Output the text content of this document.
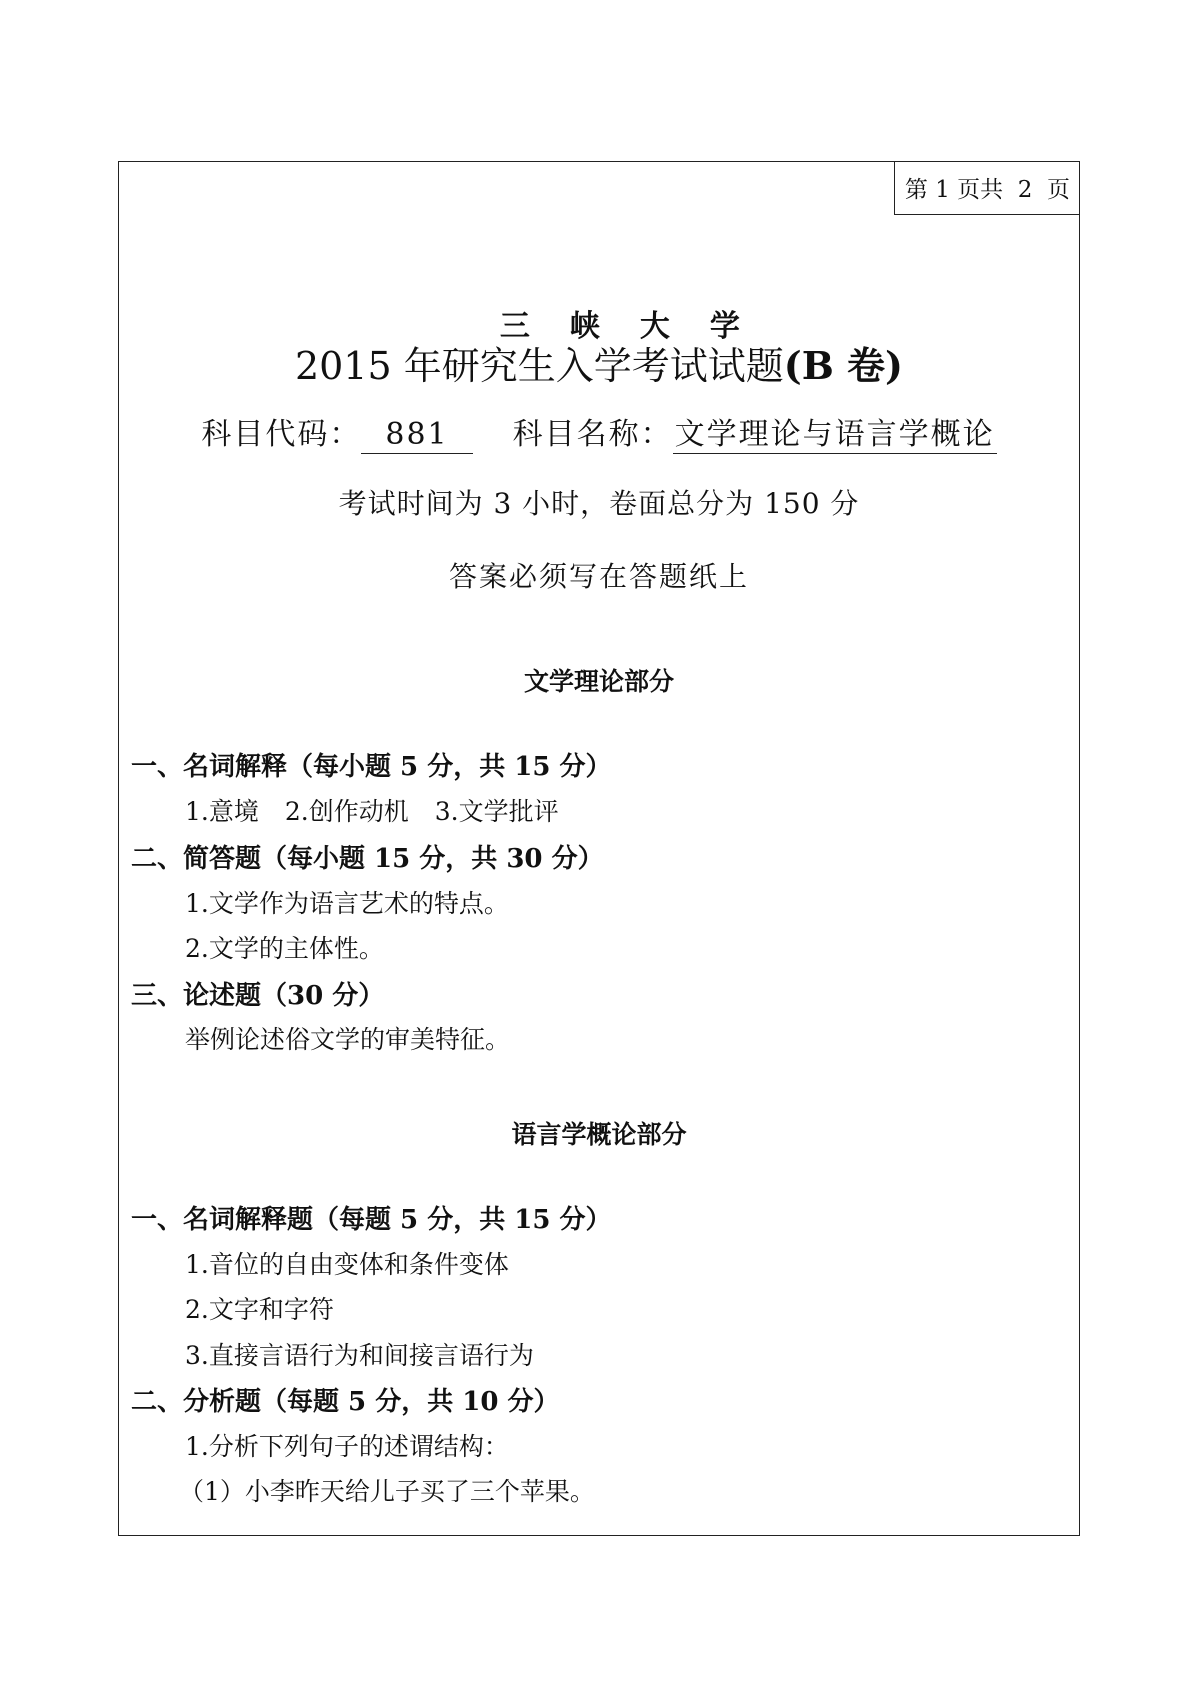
第 1 页共  2  页

三 峡 大 学

2015 年研究生入学考试试题(B 卷)
科目代码： 881 科目名称：文学理论与语言学概论
考试时间为 3 小时，卷面总分为 150 分
答案必须写在答题纸上
文学理论部分
一、名词解释（每小题 5 分，共 15 分）
1.意境 2.创作动机 3.文学批评
二、简答题（每小题 15 分，共 30 分）
1.文学作为语言艺术的特点。
2.文学的主体性。
三、论述题（30 分）
举例论述俗文学的审美特征。
语言学概论部分
一、名词解释题（每题 5 分，共 15 分）
1.音位的自由变体和条件变体
2.文字和字符
3.直接言语行为和间接言语行为
二、分析题（每题 5 分，共 10 分）
1.分析下列句子的述谓结构：
（1）小李昨天给儿子买了三个苹果。
